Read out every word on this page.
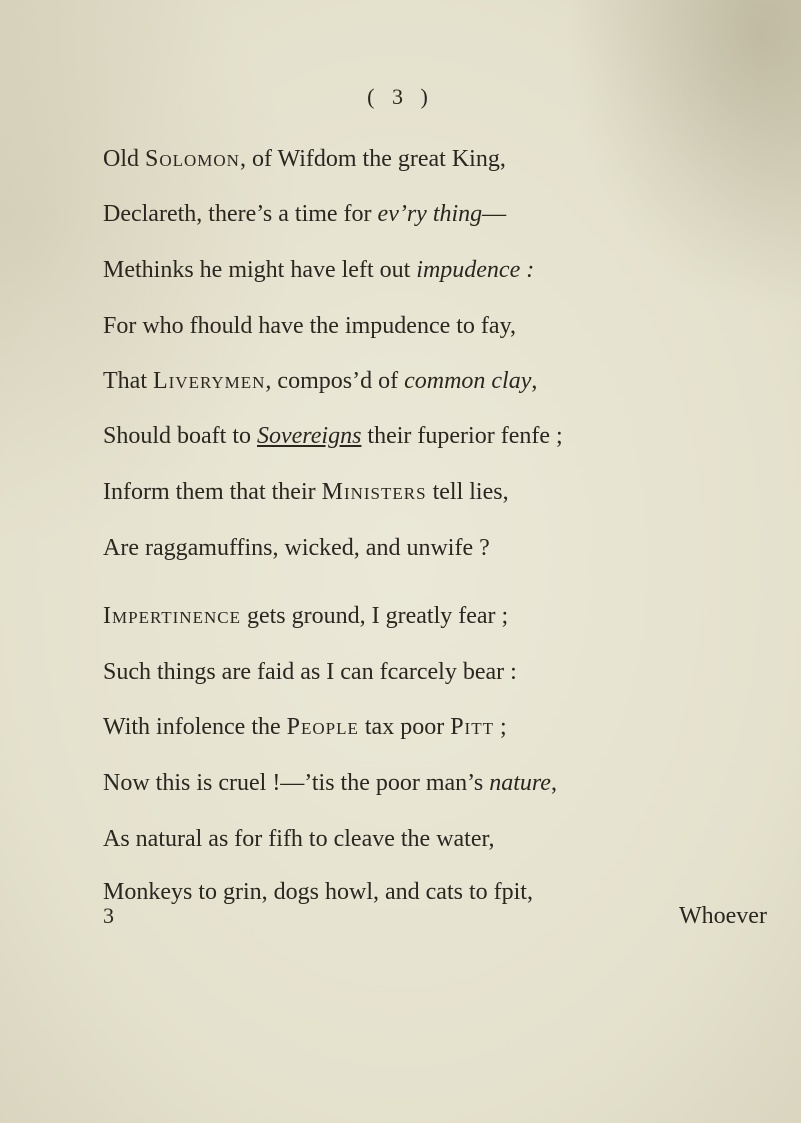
( 3 )
Old Solomon, of Wifdom the great King,
Declareth, there’s a time for ev’ry thing—
Methinks he might have left out impudence :
For who fhould have the impudence to fay,
That Liverymen, compos’d of common clay,
Should boaft to Sovereigns their fuperior fenfe ;
Inform them that their Ministers tell lies,
Are raggamuffins, wicked, and unwife ?
Impertinence gets ground, I greatly fear ;
Such things are faid as I can fcarcely bear :
With infolence the People tax poor Pitt ;
Now this is cruel !—’tis the poor man’s nature,
As natural as for fifh to cleave the water,
Monkeys to grin, dogs howl, and cats to fpit,
3	Whoever
